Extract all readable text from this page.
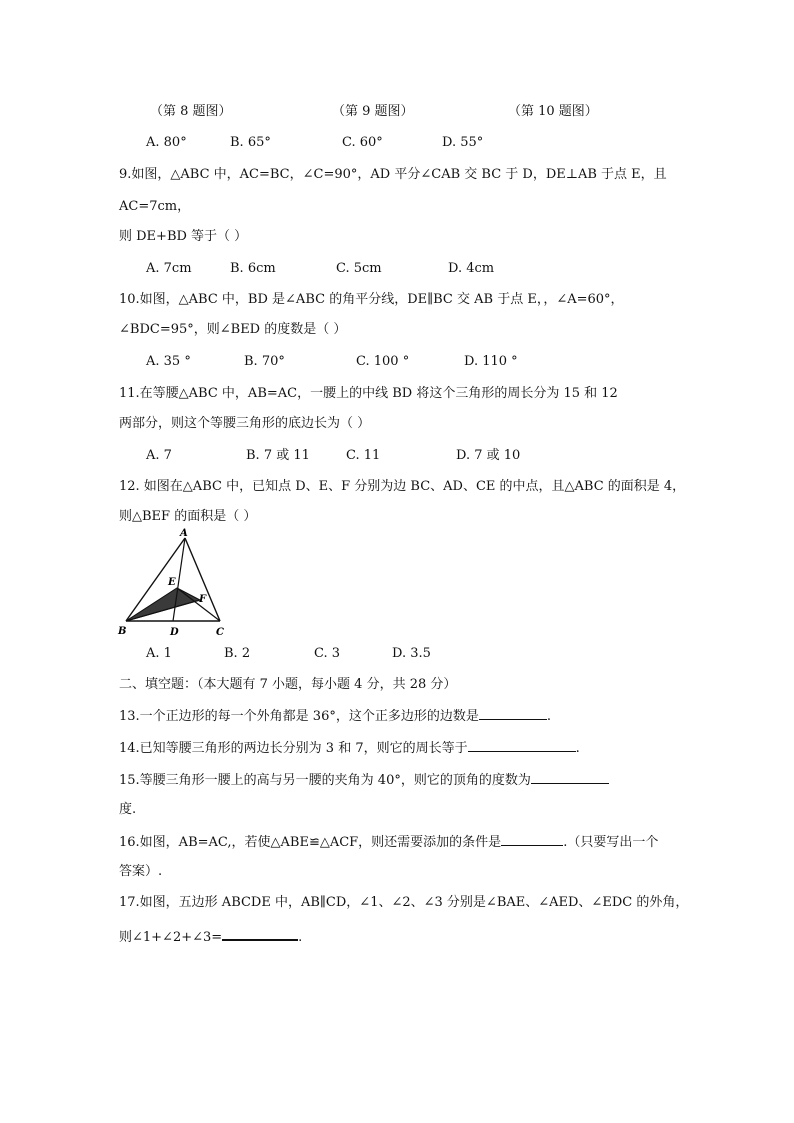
（第 8 题图）	（第 9 题图）	（第 10 题图）
A. 80°	B. 65°	C. 60°	D. 55°
9.如图，△ABC 中，AC=BC，∠C=90°，AD 平分∠CAB 交 BC 于 D，DE⊥AB 于点 E，且
AC=7cm，
则 DE+BD 等于（ ）
A. 7cm	B. 6cm	C. 5cm	D. 4cm
10.如图，△ABC 中，BD 是∠ABC 的角平分线，DE∥BC 交 AB 于点 E，，∠A=60°，
∠BDC=95°，则∠BED 的度数是（ ）
A. 35 °	B. 70°	C. 100 °	D. 110 °
11.在等腰△ABC 中，AB=AC，一腰上的中线 BD 将这个三角形的周长分为 15 和 12
两部分，则这个等腰三角形的底边长为（ ）
A. 7	B. 7 或 11	C. 11	D. 7 或 10
12. 如图在△ABC 中，已知点 D、E、F 分别为边 BC、AD、CE 的中点，且△ABC 的面积是 4，
则△BEF 的面积是（ ）
A
B	C
D
E
F
A. 1	B. 2	C. 3	D. 3.5
二、填空题：（本大题有 7 小题，每小题 4 分，共 28 分）
13.一个正边形的每一个外角都是 36°，这个正多边形的边数是	.
14.已知等腰三角形的两边长分别为 3 和 7，则它的周长等于	.
15.等腰三角形一腰上的高与另一腰的夹角为 40°，则它的顶角的度数为
度.
16.如图，AB=AC,，若使△ABE≌△ACF，则还需要添加的条件是	.（只要写出一个
答案）.
17.如图，五边形 ABCDE 中，AB∥CD，∠1、∠2、∠3 分别是∠BAE、∠AED、∠EDC 的外角，
则∠1+∠2+∠3=	.
